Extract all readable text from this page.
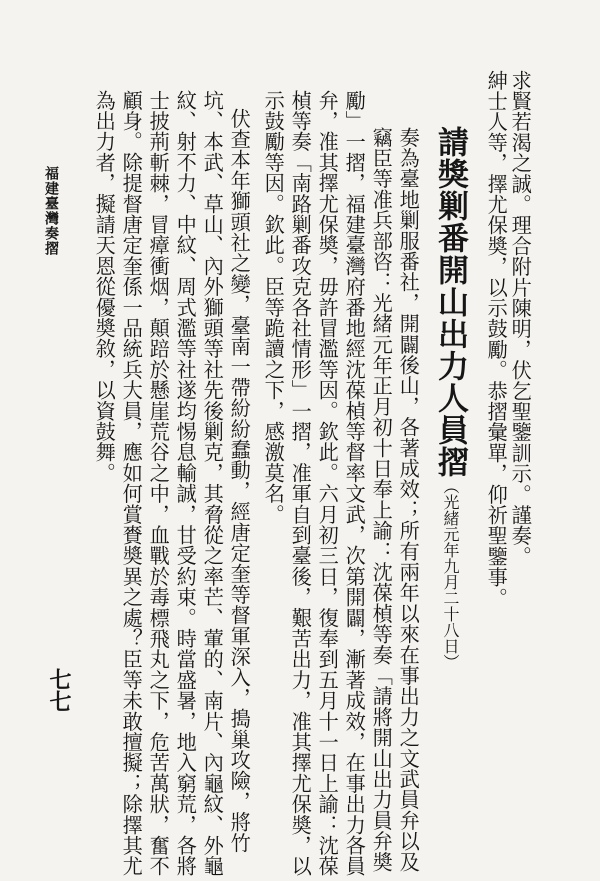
求賢若渴之誠。理合附片陳明，伏乞聖鑒訓示。謹奏。
紳士人等，擇尤保奬，以示鼓勵。恭摺彙單，仰祈聖鑒事。
請獎剿番開山出力人員摺（光緒元年九月二十八日）
奏為臺地剿服番社，開闢後山，各著成效；所有兩年以來在事出力之文武員弁以及
竊臣等准兵部咨：光緒元年正月初十日奉上諭：沈葆楨等奏「請將開山出力員弁奬
勵」一摺，福建臺灣府番地經沈葆楨等督率文武，次第開闢，漸著成效，在事出力各員
弁，准其擇尤保奬，毋許冒濫等因。欽此。六月初三日，復奉到五月十一日上諭：沈葆
楨等奏「南路剿番攻克各社情形」一摺，准軍自到臺後，艱苦出力，准其擇尤保奬，以
示鼓勵等因。欽此。臣等跪讀之下，感激莫名。
伏查本年獅頭社之變，臺南一帶紛紛蠢動，經唐定奎等督軍深入，搗巢攻險，將竹
坑、本武、草山、內外獅頭等社先後剿克，其脅從之率芒、葷的、南片、內龜紋、外龜
紋、射不力、中紋、周式濫等社遂均惕息輸誠，甘受約束。時當盛暑，地入窮荒，各將
士披荊斬棘，冒瘴衝烟，顛踣於懸崖荒谷之中，血戰於毒標飛丸之下，危苦萬狀，奮不
顧身。除提督唐定奎係一品統兵大員，應如何賞賚奬異之處？臣等未敢擅擬；除擇其尤
為出力者，擬請天恩從優奬敘，以資鼓舞。
福建臺灣奏摺
七七
